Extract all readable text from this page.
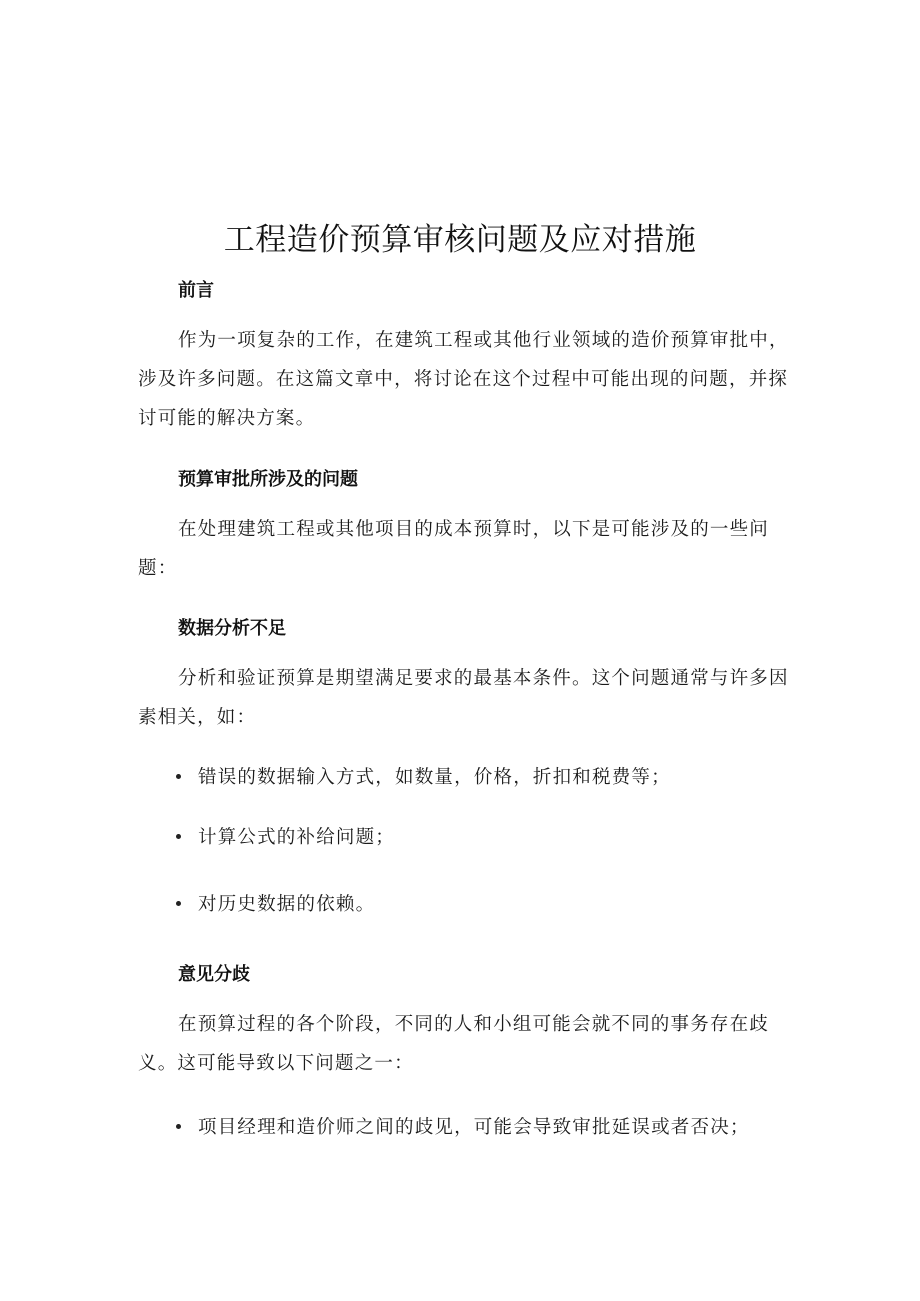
工程造价预算审核问题及应对措施
前言

作为一项复杂的工作，在建筑工程或其他行业领域的造价预算审批中，涉及许多问题。在这篇文章中，将讨论在这个过程中可能出现的问题，并探讨可能的解决方案。

预算审批所涉及的问题

在处理建筑工程或其他项目的成本预算时，以下是可能涉及的一些问题：

数据分析不足

分析和验证预算是期望满足要求的最基本条件。这个问题通常与许多因素相关，如：

错误的数据输入方式，如数量，价格，折扣和税费等；
计算公式的补给问题；
对历史数据的依赖。
意见分歧

在预算过程的各个阶段，不同的人和小组可能会就不同的事务存在歧义。这可能导致以下问题之一：

项目经理和造价师之间的歧见，可能会导致审批延误或者否决；
